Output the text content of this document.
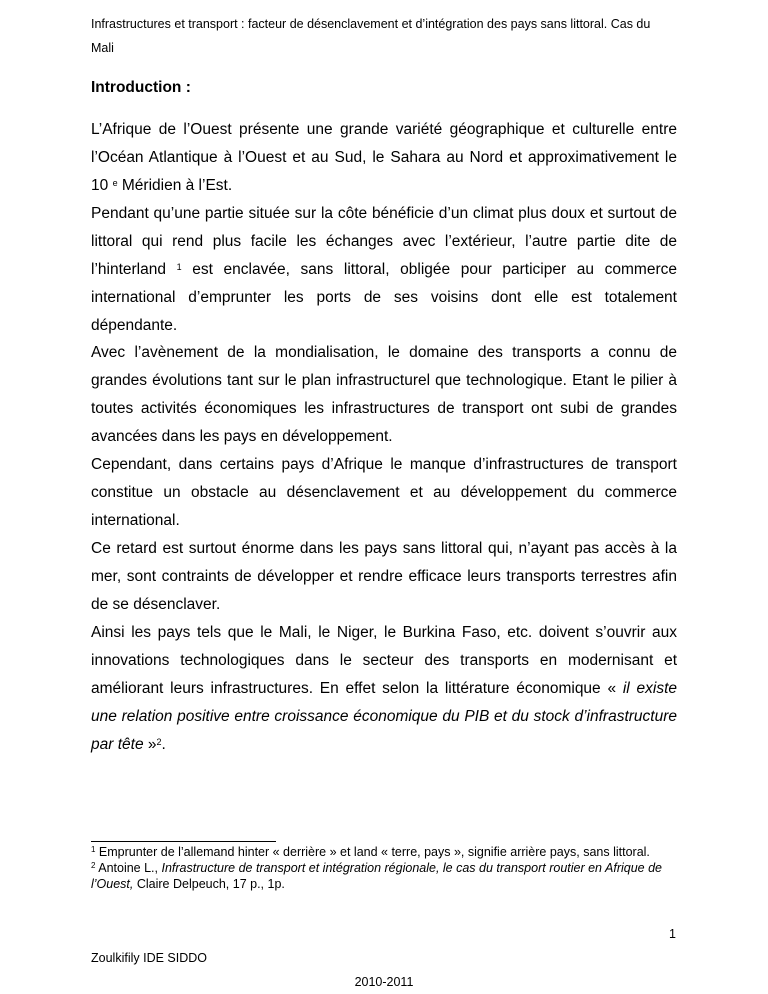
Infrastructures et transport : facteur de désenclavement et d’intégration des pays sans littoral. Cas du
Mali
Introduction :

L’Afrique de l’Ouest présente une grande variété géographique et culturelle entre
l’Océan Atlantique à l’Ouest et au Sud, le Sahara au Nord et approximativement le
10 $^e$ Méridien à l’Est.

Pendant qu’une partie située sur la côte bénéficie d’un climat plus doux et surtout de
littoral qui rend plus facile les échanges avec l’extérieur, l’autre partie dite de
l’hinterland $^1$ est enclavée, sans littoral, obligée pour participer au commerce
international d’emprunter les ports de ses voisins dont elle est totalement
dépendante.

Avec l’avènement de la mondialisation, le domaine des transports a connu de
grandes évolutions tant sur le plan infrastructurel que technologique. Etant le pilier à
toutes activités économiques les infrastructures de transport ont subi de grandes
avancées dans les pays en développement.

Cependant, dans certains pays d’Afrique le manque d’infrastructures de transport
constitue un obstacle au désenclavement et au développement du commerce
international.

Ce retard est surtout énorme dans les pays sans littoral qui, n’ayant pas accès à la
mer, sont contraints de développer et rendre efficace leurs transports terrestres afin
de se désenclaver.

Ainsi les pays tels que le Mali, le Niger, le Burkina Faso, etc. doivent s’ouvrir aux
innovations technologiques dans le secteur des transports en modernisant et
améliorant leurs infrastructures. En effet selon la littérature économique « il existe
une relation positive entre croissance économique du PIB et du stock d’infrastructure
par tête »$^2$.

$^1$ Emprunter de l’allemand hinter « derrière » et land « terre, pays », signifie arrière pays, sans littoral.
$^2$ Antoine L., Infrastructure de transport et intégration régionale, le cas du transport routier en Afrique de l’Ouest, Claire Delpeuch, 17 p., 1p.
1
Zoulkifily IDE SIDDO
2010-2011
